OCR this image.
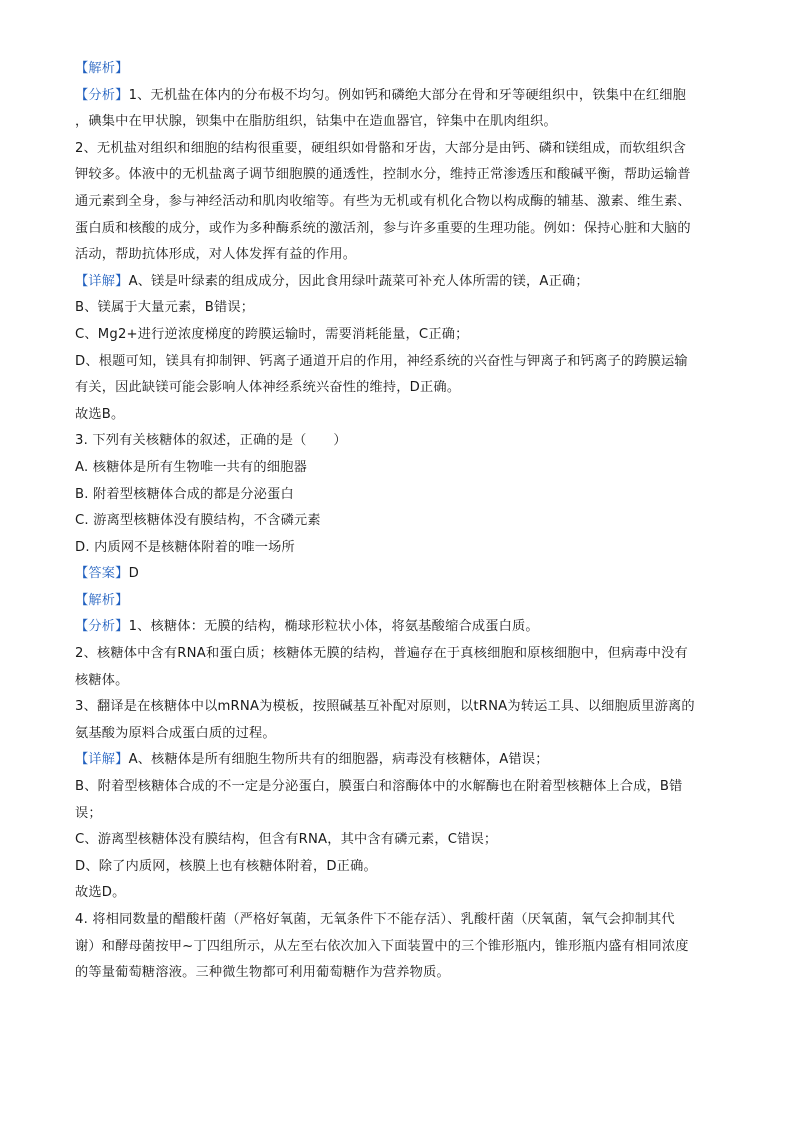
【解析】
【分析】1、无机盐在体内的分布极不均匀。例如钙和磷绝大部分在骨和牙等硬组织中，铁集中在红细胞
，碘集中在甲状腺，钡集中在脂肪组织，钴集中在造血器官，锌集中在肌肉组织。
2、无机盐对组织和细胞的结构很重要，硬组织如骨骼和牙齿，大部分是由钙、磷和镁组成，而软组织含
钾较多。体液中的无机盐离子调节细胞膜的通透性，控制水分，维持正常渗透压和酸碱平衡，帮助运输普
通元素到全身，参与神经活动和肌肉收缩等。有些为无机或有机化合物以构成酶的辅基、激素、维生素、
蛋白质和核酸的成分，或作为多种酶系统的激活剂，参与许多重要的生理功能。例如：保持心脏和大脑的
活动，帮助抗体形成，对人体发挥有益的作用。
【详解】A、镁是叶绿素的组成成分，因此食用绿叶蔬菜可补充人体所需的镁，A正确；
B、镁属于大量元素，B错误；
C、Mg2+进行逆浓度梯度的跨膜运输时，需要消耗能量，C正确；
D、根题可知，镁具有抑制钾、钙离子通道开启的作用，神经系统的兴奋性与钾离子和钙离子的跨膜运输
有关，因此缺镁可能会影响人体神经系统兴奋性的维持，D正确。
故选B。
3. 下列有关核糖体的叙述，正确的是（　　）
A. 核糖体是所有生物唯一共有的细胞器
B. 附着型核糖体合成的都是分泌蛋白
C. 游离型核糖体没有膜结构，不含磷元素
D. 内质网不是核糖体附着的唯一场所
【答案】D
【解析】
【分析】1、核糖体：无膜的结构，椭球形粒状小体，将氨基酸缩合成蛋白质。
2、核糖体中含有RNA和蛋白质；核糖体无膜的结构，普遍存在于真核细胞和原核细胞中，但病毒中没有
核糖体。
3、翻译是在核糖体中以mRNA为模板，按照碱基互补配对原则，以tRNA为转运工具、以细胞质里游离的
氨基酸为原料合成蛋白质的过程。
【详解】A、核糖体是所有细胞生物所共有的细胞器，病毒没有核糖体，A错误；
B、附着型核糖体合成的不一定是分泌蛋白，膜蛋白和溶酶体中的水解酶也在附着型核糖体上合成，B错
误；
C、游离型核糖体没有膜结构，但含有RNA，其中含有磷元素，C错误；
D、除了内质网，核膜上也有核糖体附着，D正确。
故选D。
4. 将相同数量的醋酸杆菌（严格好氧菌，无氧条件下不能存活）、乳酸杆菌（厌氧菌，氧气会抑制其代
谢）和酵母菌按甲~丁四组所示，从左至右依次加入下面装置中的三个锥形瓶内，锥形瓶内盛有相同浓度
的等量葡萄糖溶液。三种微生物都可利用葡萄糖作为营养物质。
